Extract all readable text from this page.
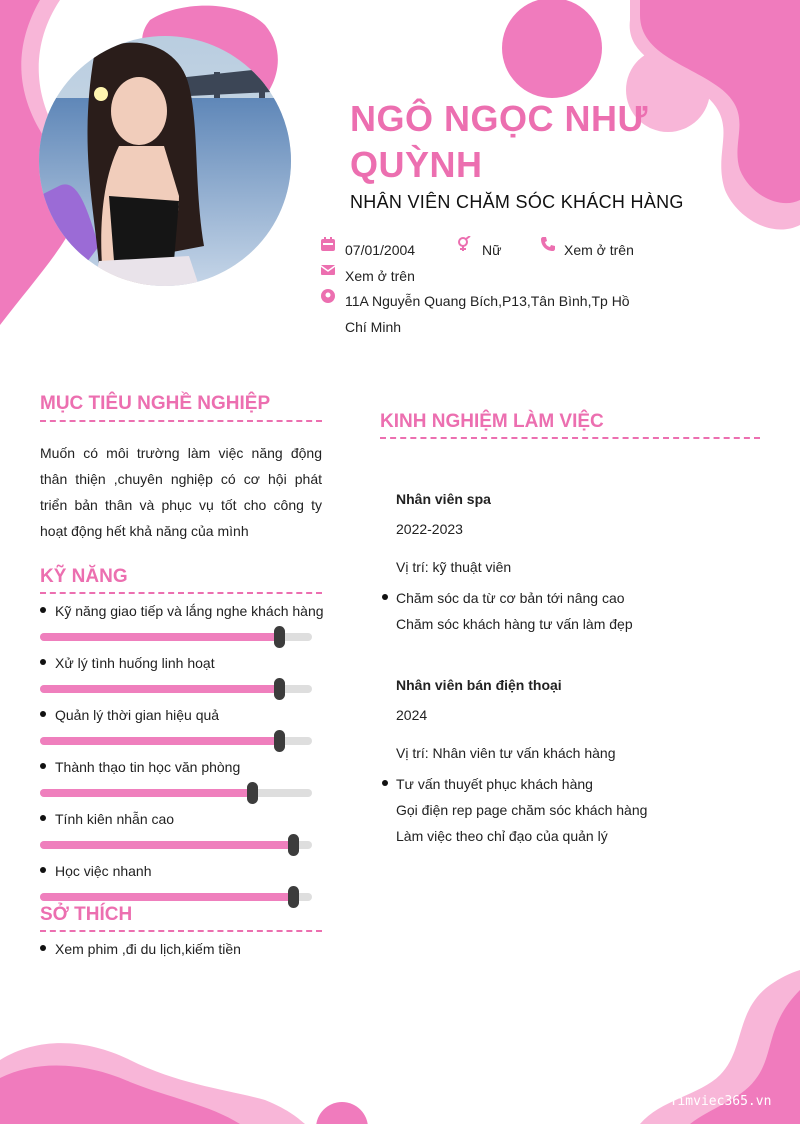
NGÔ NGỌC NHƯ QUỲNH
NHÂN VIÊN CHĂM SÓC KHÁCH HÀNG
07/01/2004	Nữ	Xem ở trên
Xem ở trên
11A Nguyễn Quang Bích,P13,Tân Bình,Tp Hồ Chí Minh
MỤC TIÊU NGHỀ NGHIỆP
Muốn có môi trường làm việc năng động thân thiện ,chuyên nghiệp có cơ hội phát triển bản thân và phục vụ tốt cho công ty hoạt động hết khả năng của mình
KỸ NĂNG
Kỹ năng giao tiếp và lắng nghe khách hàng
Xử lý tình huống linh hoạt
Quản lý thời gian hiệu quả
Thành thạo tin học văn phòng
Tính kiên nhẫn cao
Học việc nhanh
SỞ THÍCH
Xem phim ,đi du lịch,kiếm tiền
KINH NGHIỆM LÀM VIỆC
Nhân viên spa
2022-2023
Vị trí: kỹ thuật viên
Chăm sóc da từ cơ bản tới nâng cao
Chăm sóc khách hàng tư vấn làm đẹp
Nhân viên bán điện thoại
2024
Vị trí: Nhân viên tư vấn khách hàng
Tư vấn thuyết phục khách hàng
Gọi điện rep page chăm sóc khách hàng
Làm việc theo chỉ đạo của quản lý
© Timviec365.vn
